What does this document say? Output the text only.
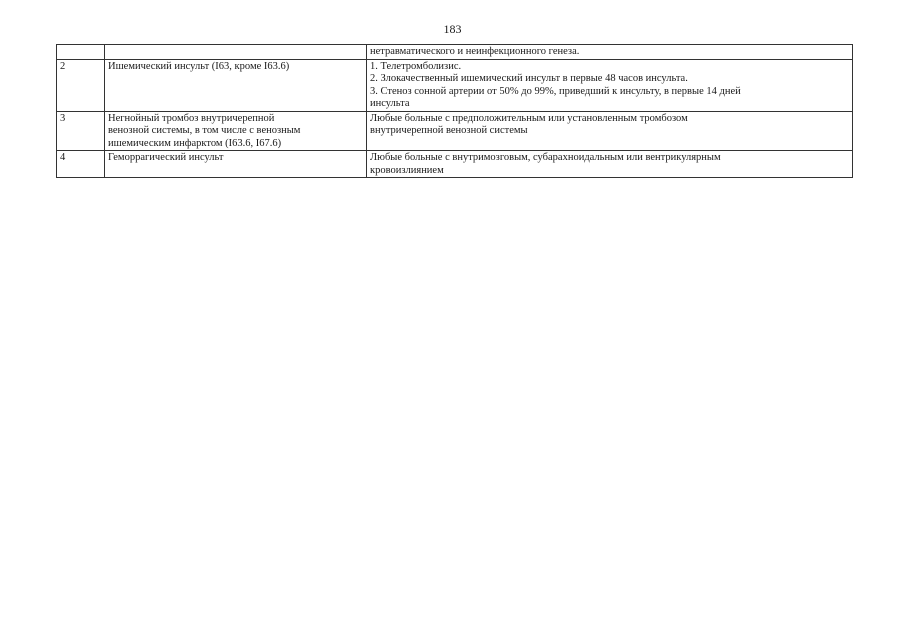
183

		нетравматического и неинфекционного генеза.

2	Ишемический инсульт (I63, кроме I63.6)	1. Телетромболизис.
2. Злокачественный ишемический инсульт в первые 48 часов инсульта.
3. Стеноз сонной артерии от 50% до 99%, приведший к инсульту, в первые 14 дней
инсульта

3	Негнойный тромбоз внутричерепной
венозной системы, в том числе с венозным
ишемическим инфарктом (I63.6, I67.6)	Любые больные с предположительным или установленным тромбозом
внутричерепной венозной системы

4	Геморрагический инсульт	Любые больные с внутримозговым, субарахноидальным или вентрикулярным
кровоизлиянием
